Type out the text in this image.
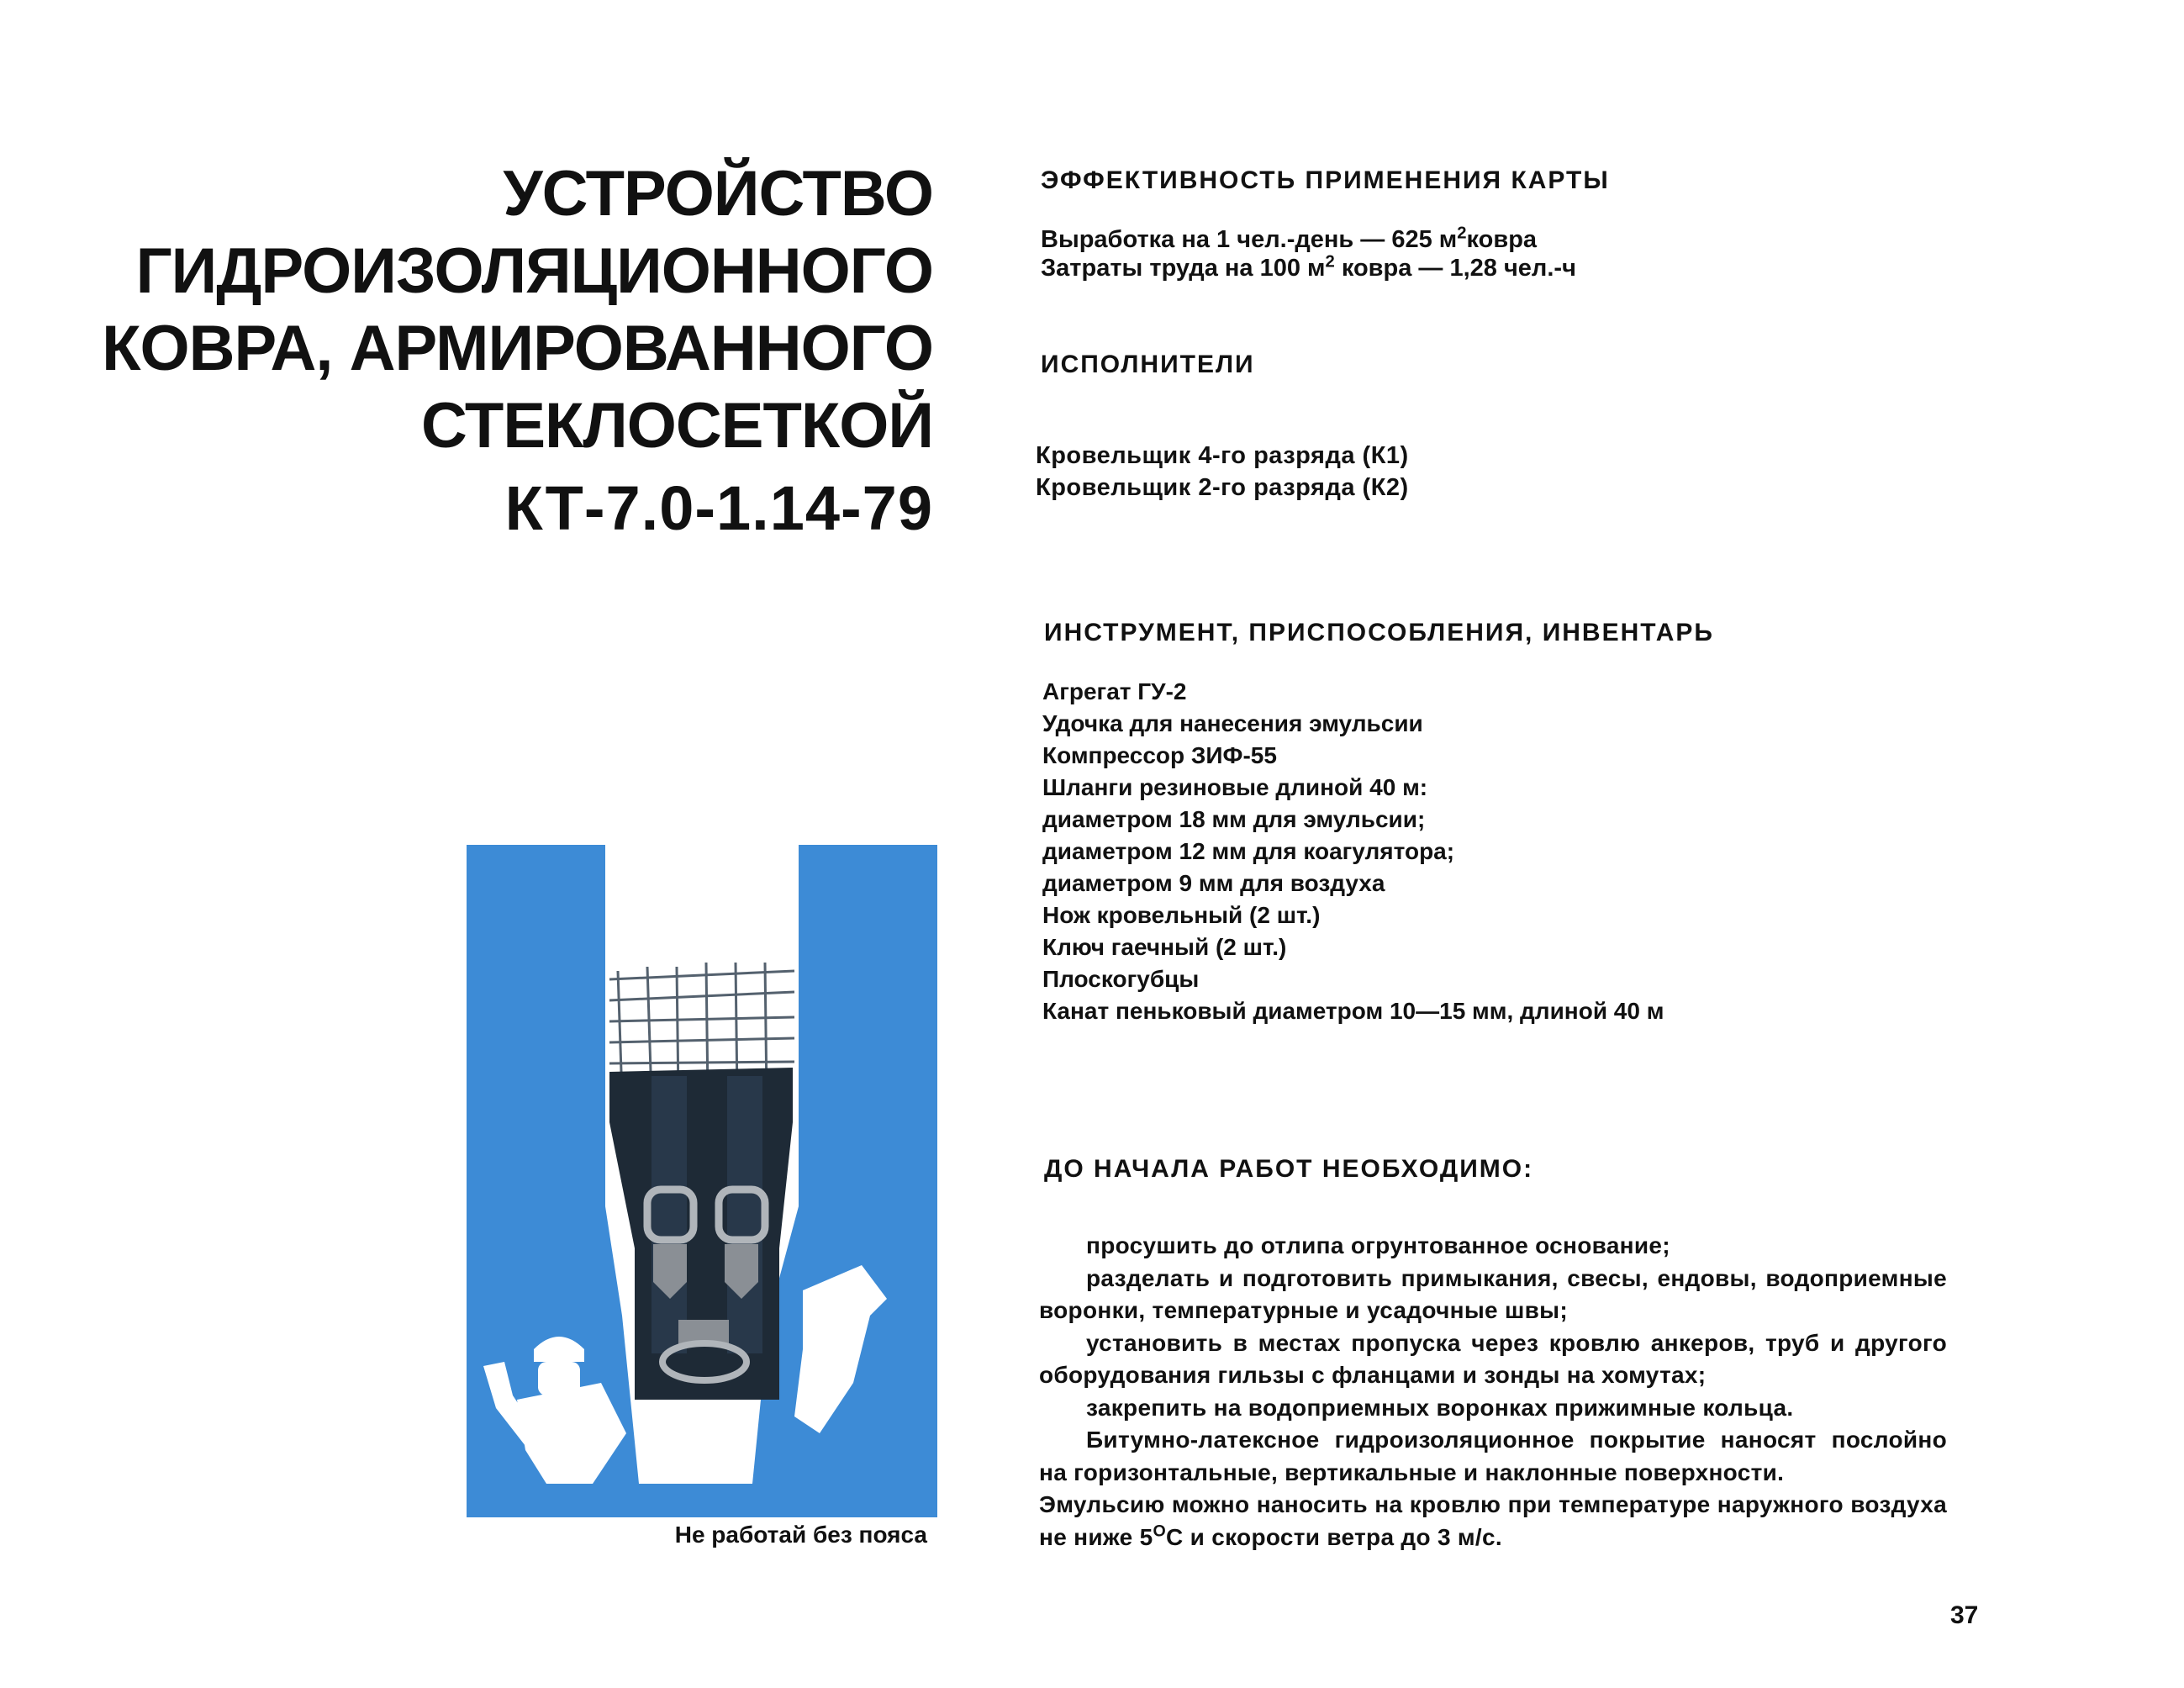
УСТРОЙСТВО
ГИДРОИЗОЛЯЦИОННОГО
КОВРА, АРМИРОВАННОГО
СТЕКЛОСЕТКОЙ
КТ-7.0-1.14-79
ЭФФЕКТИВНОСТЬ ПРИМЕНЕНИЯ КАРТЫ
Выработка на 1 чел.-день — 625 $м^2ковра$
Затраты труда на 100 $м^2$ ковра — 1,28 чел.-ч
ИСПОЛНИТЕЛИ
Кровельщик 4-го разряда (К1)
Кровельщик 2-го разряда (К2)
ИНСТРУМЕНТ, ПРИСПОСОБЛЕНИЯ, ИНВЕНТАРЬ
Агрегат ГУ-2
Удочка для нанесения эмульсии
Компрессор ЗИФ-55
Шланги резиновые длиной 40 м:
диаметром 18 мм для эмульсии;
диаметром 12 мм для коагулятора;
диаметром 9 мм для воздуха
Нож кровельный (2 шт.)
Ключ гаечный (2 шт.)
Плоскогубцы
Канат пеньковый диаметром 10—15 мм, длиной 40 м
ДО НАЧАЛА РАБОТ НЕОБХОДИМО:

просушить до отлипа огрунтованное основание;

разделать и подготовить примыкания, свесы, ендовы, водоприемные воронки, температурные и усадочные швы;

установить в местах пропуска через кровлю анкеров, труб и другого оборудования гильзы с фланцами и зонды на хомутах;

закрепить на водоприемных воронках прижимные кольца.

Битумно-латексное гидроизоляционное покрытие наносят послойно на горизонтальные, вертикальные и наклонные поверхности.

Эмульсию можно наносить на кровлю при температуре наружного воздуха не ниже $5^ОС$ и скорости ветра до 3 м/с.

Не работай без пояса
37
